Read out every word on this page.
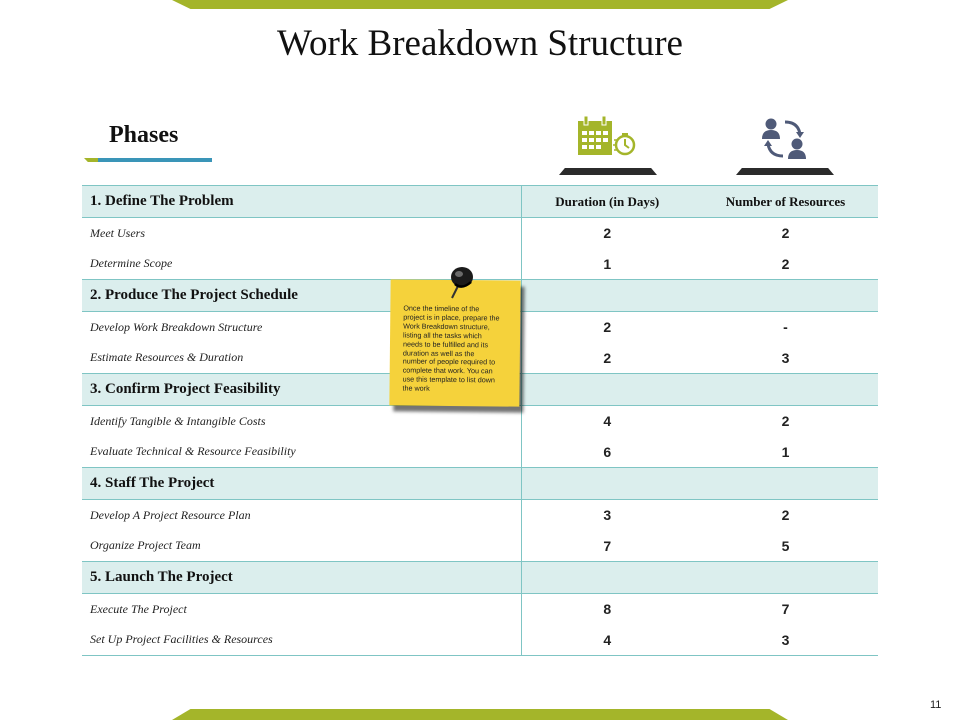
Work Breakdown Structure
Phases
1. Define The Problem	Duration (in Days)	Number of Resources
Meet Users	2	2
Determine Scope	1	2
2. Produce The Project Schedule		
Develop Work Breakdown Structure	2	-
Estimate Resources & Duration	2	3
3. Confirm Project Feasibility		
Identify Tangible & Intangible Costs	4	2
Evaluate Technical & Resource Feasibility	6	1
4. Staff The Project		
Develop A Project Resource Plan	3	2
Organize Project Team	7	5
5. Launch The Project		
Execute The Project	8	7
Set Up Project Facilities & Resources	4	3
Once the timeline of the
project is in place, prepare the
Work Breakdown structure,
listing all the tasks which
needs to be fulfilled and its
duration as well as the
number of people required to
complete that work. You can
use this template to list down
the work
11
